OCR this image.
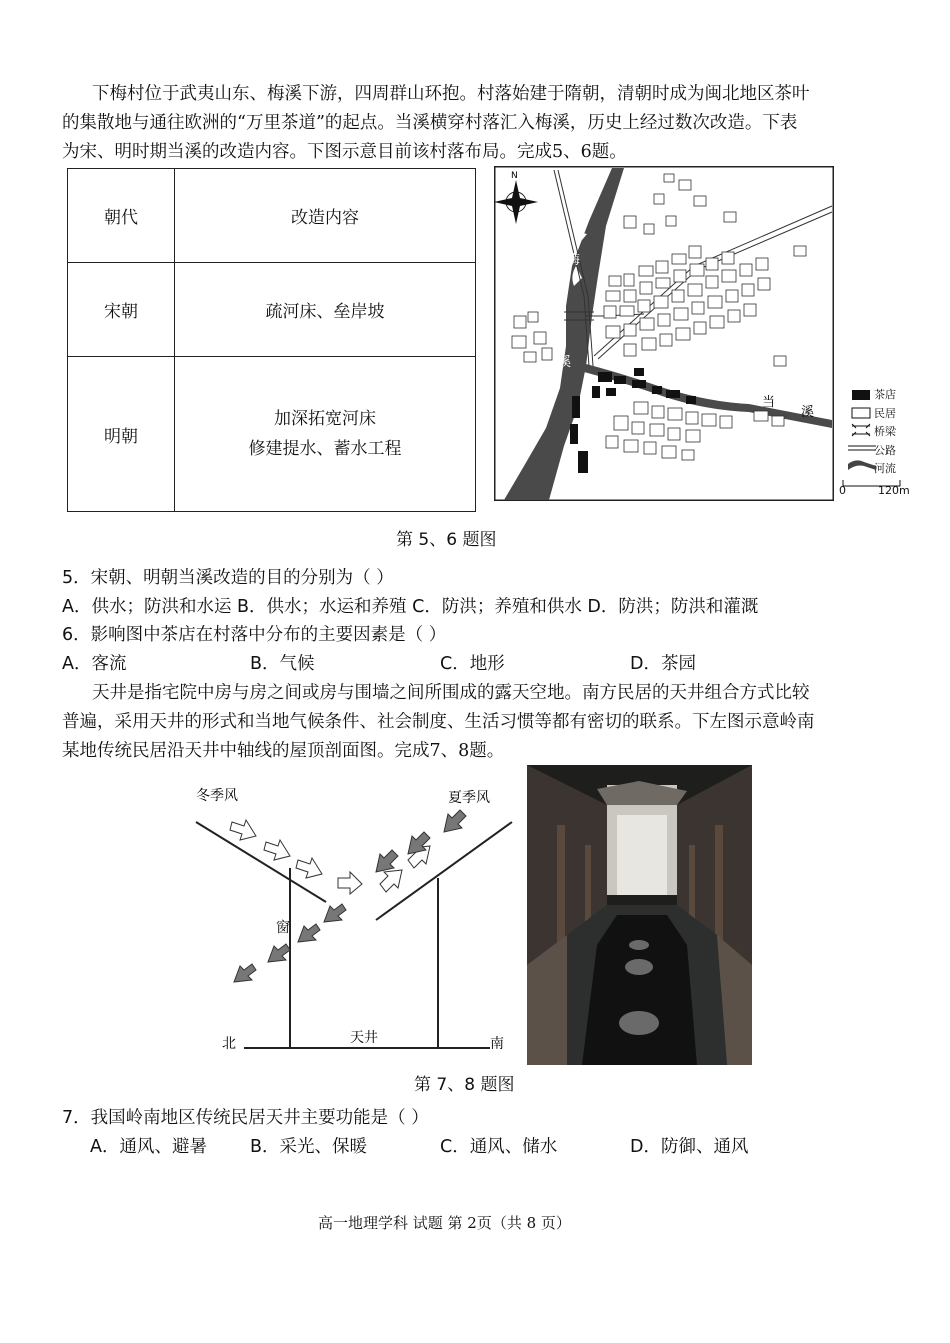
下梅村位于武夷山东、梅溪下游，四周群山环抱。村落始建于隋朝，清朝时成为闽北地区茶叶
的集散地与通往欧洲的“万里茶道”的起点。当溪横穿村落汇入梅溪，历史上经过数次改造。下表
为宋、明时期当溪的改造内容。下图示意目前该村落布局。完成5、6题。
朝代	改造内容
宋朝	疏河床、垒岸坡
明朝	加深拓宽河床
修建提水、蓄水工程
N
梅
溪
当
溪
茶店
民居
桥梁
公路
河流
0	120m
第 5、6 题图
5．宋朝、明朝当溪改造的目的分别为（ ）
A．供水；防洪和水运 B．供水；水运和养殖 C．防洪；养殖和供水 D．防洪；防洪和灌溉
6．影响图中茶店在村落中分布的主要因素是（ ）
A．客流	B．气候	C．地形	D．茶园
天井是指宅院中房与房之间或房与围墙之间所围成的露天空地。南方民居的天井组合方式比较
普遍，采用天井的形式和当地气候条件、社会制度、生活习惯等都有密切的联系。下左图示意岭南
某地传统民居沿天井中轴线的屋顶剖面图。完成7、8题。
冬季风	夏季风
窗
天井
北	南
第 7、8 题图
7．我国岭南地区传统民居天井主要功能是（ ）
A．通风、避暑 B．采光、保暖	C．通风、储水	D．防御、通风
高一地理学科 试题 第 2页（共 8 页）
